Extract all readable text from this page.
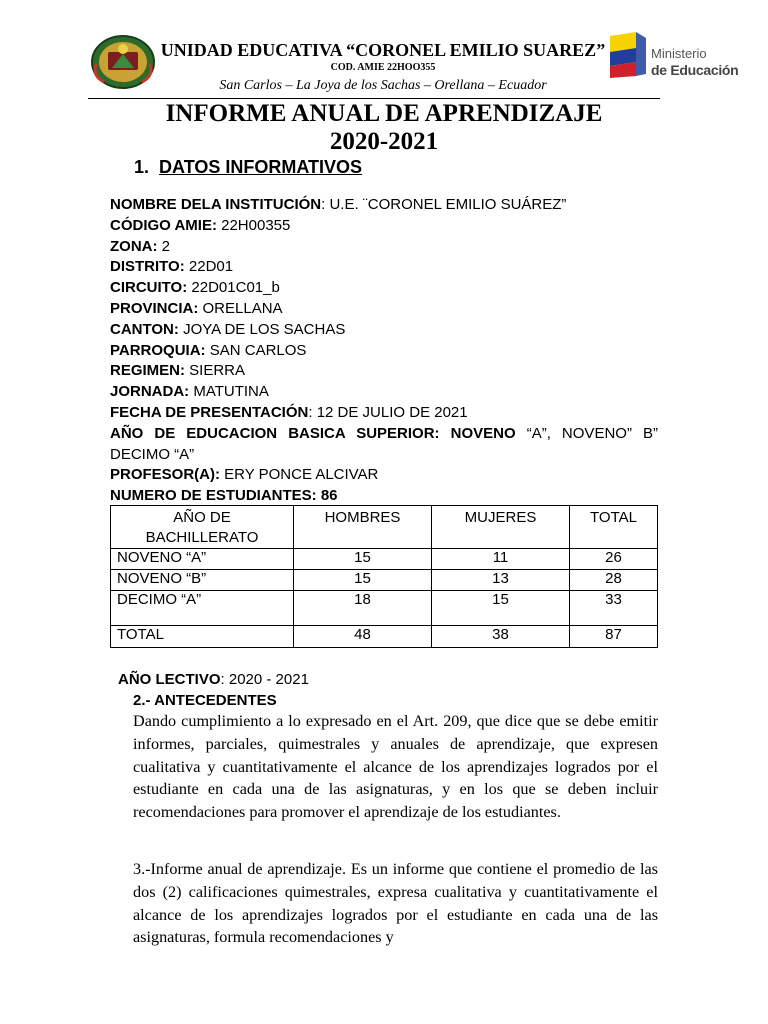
UNIDAD EDUCATIVA “CORONEL EMILIO SUAREZ”
COD. AMIE 22HOO355
San Carlos – La Joya de los Sachas – Orellana – Ecuador
Ministerio
de Educación
INFORME ANUAL DE APRENDIZAJE
2020-2021
1. DATOS INFORMATIVOS
NOMBRE DELA INSTITUCIÓN: U.E. ¨CORONEL EMILIO SUÁREZ”
CÓDIGO AMIE: 22H00355
ZONA: 2
DISTRITO: 22D01
CIRCUITO: 22D01C01_b
PROVINCIA: ORELLANA
CANTON: JOYA DE LOS SACHAS
PARROQUIA: SAN CARLOS
REGIMEN: SIERRA
JORNADA: MATUTINA
FECHA DE PRESENTACIÓN: 12 DE JULIO DE 2021
AÑO DE EDUCACION BASICA SUPERIOR: NOVENO “A”, NOVENO” B” DECIMO “A”
PROFESOR(A): ERY PONCE ALCIVAR
NUMERO DE ESTUDIANTES: 86
AÑO DE BACHILLERATO	HOMBRES	MUJERES	TOTAL
NOVENO “A”	15	11	26
NOVENO “B”	15	13	28
DECIMO “A”	18	15	33
TOTAL	48	38	87
AÑO LECTIVO: 2020 - 2021
2.- ANTECEDENTES
Dando cumplimiento a lo expresado en el Art. 209, que dice que se debe emitir informes, parciales, quimestrales y anuales de aprendizaje, que expresen cualitativa y cuantitativamente el alcance de los aprendizajes logrados por el estudiante en cada una de las asignaturas, y en los que se deben incluir recomendaciones para promover el aprendizaje de los estudiantes.
3.-Informe anual de aprendizaje. Es un informe que contiene el promedio de las dos (2) calificaciones quimestrales, expresa cualitativa y cuantitativamente el alcance de los aprendizajes logrados por el estudiante en cada una de las asignaturas, formula recomendaciones y
